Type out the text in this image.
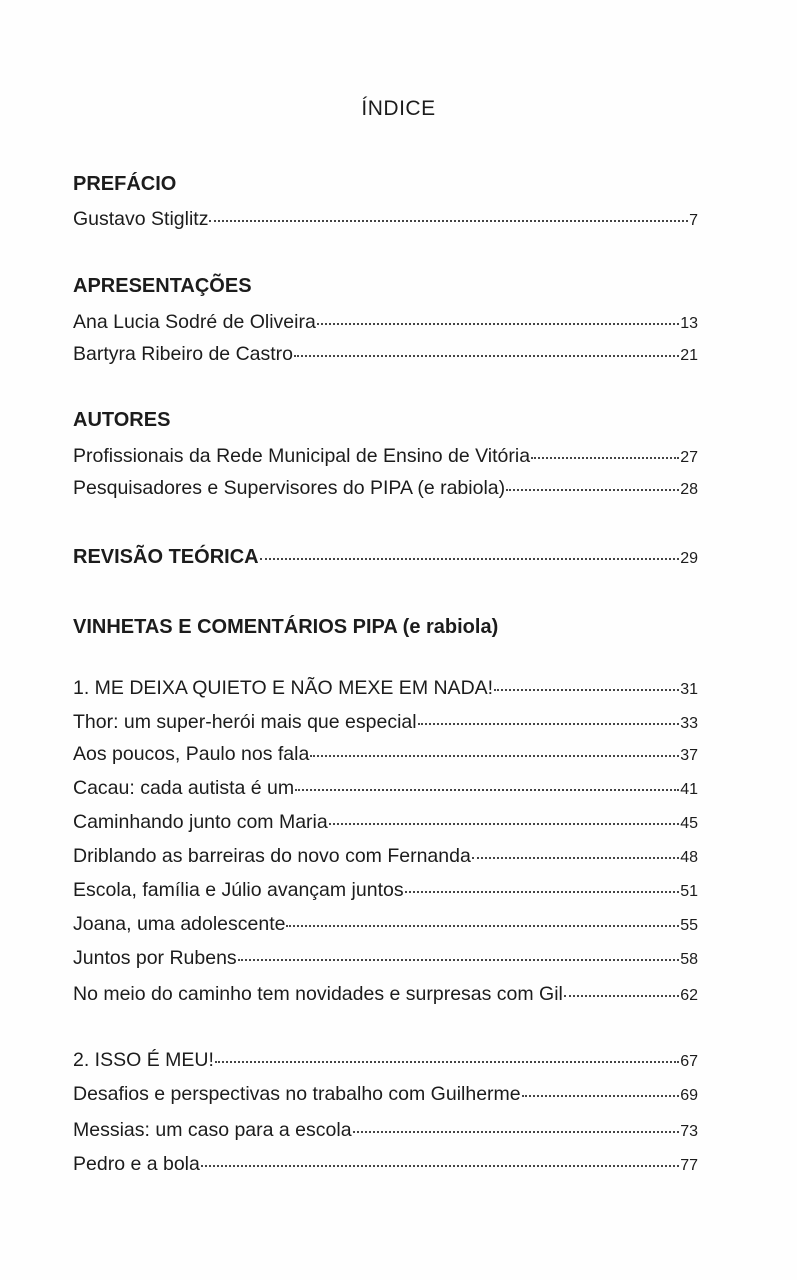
ÍNDICE
PREFÁCIO
Gustavo Stiglitz	7
APRESENTAÇÕES
Ana Lucia Sodré de Oliveira	13
Bartyra Ribeiro de Castro	21
AUTORES
Profissionais da Rede Municipal de Ensino de Vitória	27
Pesquisadores e Supervisores do PIPA (e rabiola)	28
REVISÃO TEÓRICA	29
VINHETAS E COMENTÁRIOS PIPA (e rabiola)
1. ME DEIXA QUIETO E NÃO MEXE EM NADA!	31
Thor: um super-herói mais que especial	33
Aos poucos, Paulo nos fala	37
Cacau: cada autista é um	41
Caminhando junto com Maria	45
Driblando as barreiras do novo com Fernanda	48
Escola, família e Júlio avançam juntos	51
Joana, uma adolescente	55
Juntos por Rubens	58
No meio do caminho tem novidades e surpresas com Gil	62
2. ISSO É MEU!	67
Desafios e perspectivas no trabalho com Guilherme	69
Messias: um caso para a escola	73
Pedro e a bola	77
